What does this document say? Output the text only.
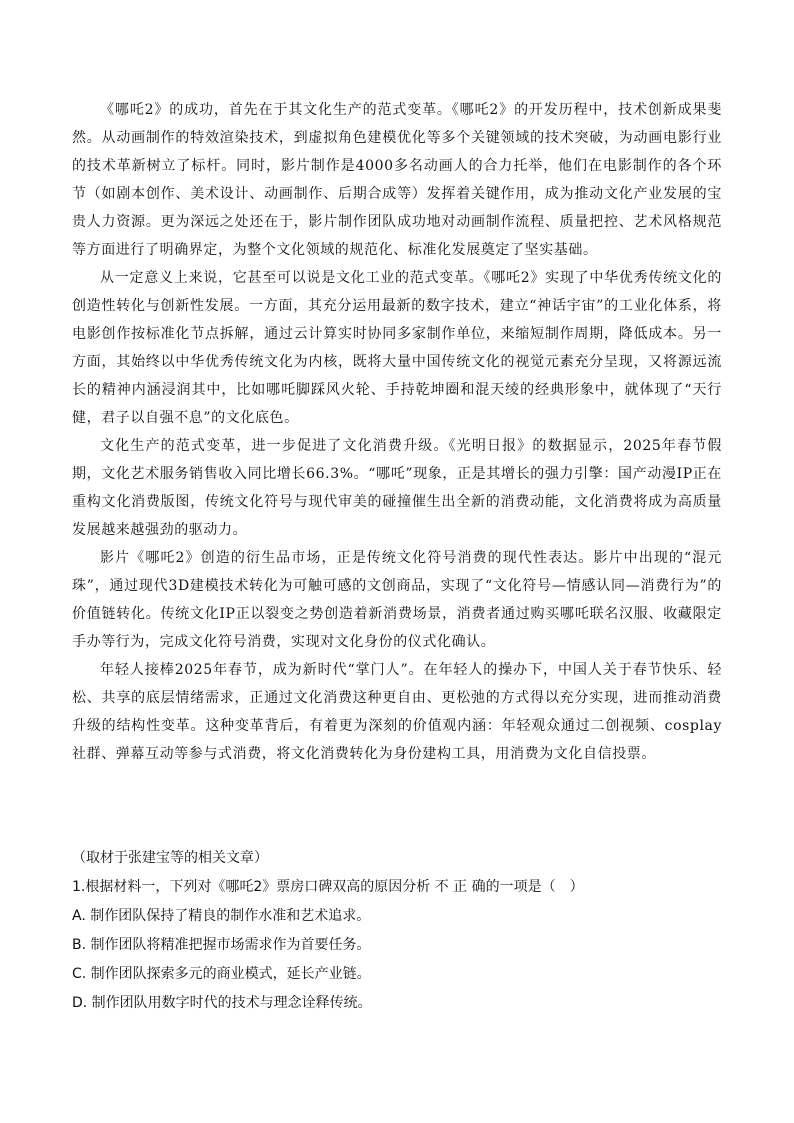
《哪吒2》的成功，首先在于其文化生产的范式变革。《哪吒2》的开发历程中，技术创新成果斐然。从动画制作的特效渲染技术，到虚拟角色建模优化等多个关键领域的技术突破，为动画电影行业的技术革新树立了标杆。同时，影片制作是4000多名动画人的合力托举，他们在电影制作的各个环节（如剧本创作、美术设计、动画制作、后期合成等）发挥着关键作用，成为推动文化产业发展的宝贵人力资源。更为深远之处还在于，影片制作团队成功地对动画制作流程、质量把控、艺术风格规范等方面进行了明确界定，为整个文化领域的规范化、标准化发展奠定了坚实基础。

从一定意义上来说，它甚至可以说是文化工业的范式变革。《哪吒2》实现了中华优秀传统文化的创造性转化与创新性发展。一方面，其充分运用最新的数字技术，建立“神话宇宙”的工业化体系，将电影创作按标准化节点拆解，通过云计算实时协同多家制作单位，来缩短制作周期，降低成本。另一方面，其始终以中华优秀传统文化为内核，既将大量中国传统文化的视觉元素充分呈现，又将源远流长的精神内涵浸润其中，比如哪吒脚踩风火轮、手持乾坤圈和混天绫的经典形象中，就体现了“天行健，君子以自强不息”的文化底色。

文化生产的范式变革，进一步促进了文化消费升级。《光明日报》的数据显示，2025年春节假期，文化艺术服务销售收入同比增长66.3%。“哪吒”现象，正是其增长的强力引擎：国产动漫IP正在重构文化消费版图，传统文化符号与现代审美的碰撞催生出全新的消费动能，文化消费将成为高质量发展越来越强劲的驱动力。

影片《哪吒2》创造的衍生品市场，正是传统文化符号消费的现代性表达。影片中出现的“混元珠”，通过现代3D建模技术转化为可触可感的文创商品，实现了“文化符号—情感认同—消费行为”的价值链转化。传统文化IP正以裂变之势创造着新消费场景，消费者通过购买哪吒联名汉服、收藏限定手办等行为，完成文化符号消费，实现对文化身份的仪式化确认。

年轻人接棒2025年春节，成为新时代“掌门人”。在年轻人的操办下，中国人关于春节快乐、轻松、共享的底层情绪需求，正通过文化消费这种更自由、更松弛的方式得以充分实现，进而推动消费升级的结构性变革。这种变革背后，有着更为深刻的价值观内涵：年轻观众通过二创视频、cosplay社群、弹幕互动等参与式消费，将文化消费转化为身份建构工具，用消费为文化自信投票。

（取材于张建宝等的相关文章）
1.根据材料一，下列对《哪吒2》票房口碑双高的原因分析 不 正 确的一项是（　）
A. 制作团队保持了精良的制作水准和艺术追求。
B. 制作团队将精准把握市场需求作为首要任务。
C. 制作团队探索多元的商业模式，延长产业链。
D. 制作团队用数字时代的技术与理念诠释传统。
